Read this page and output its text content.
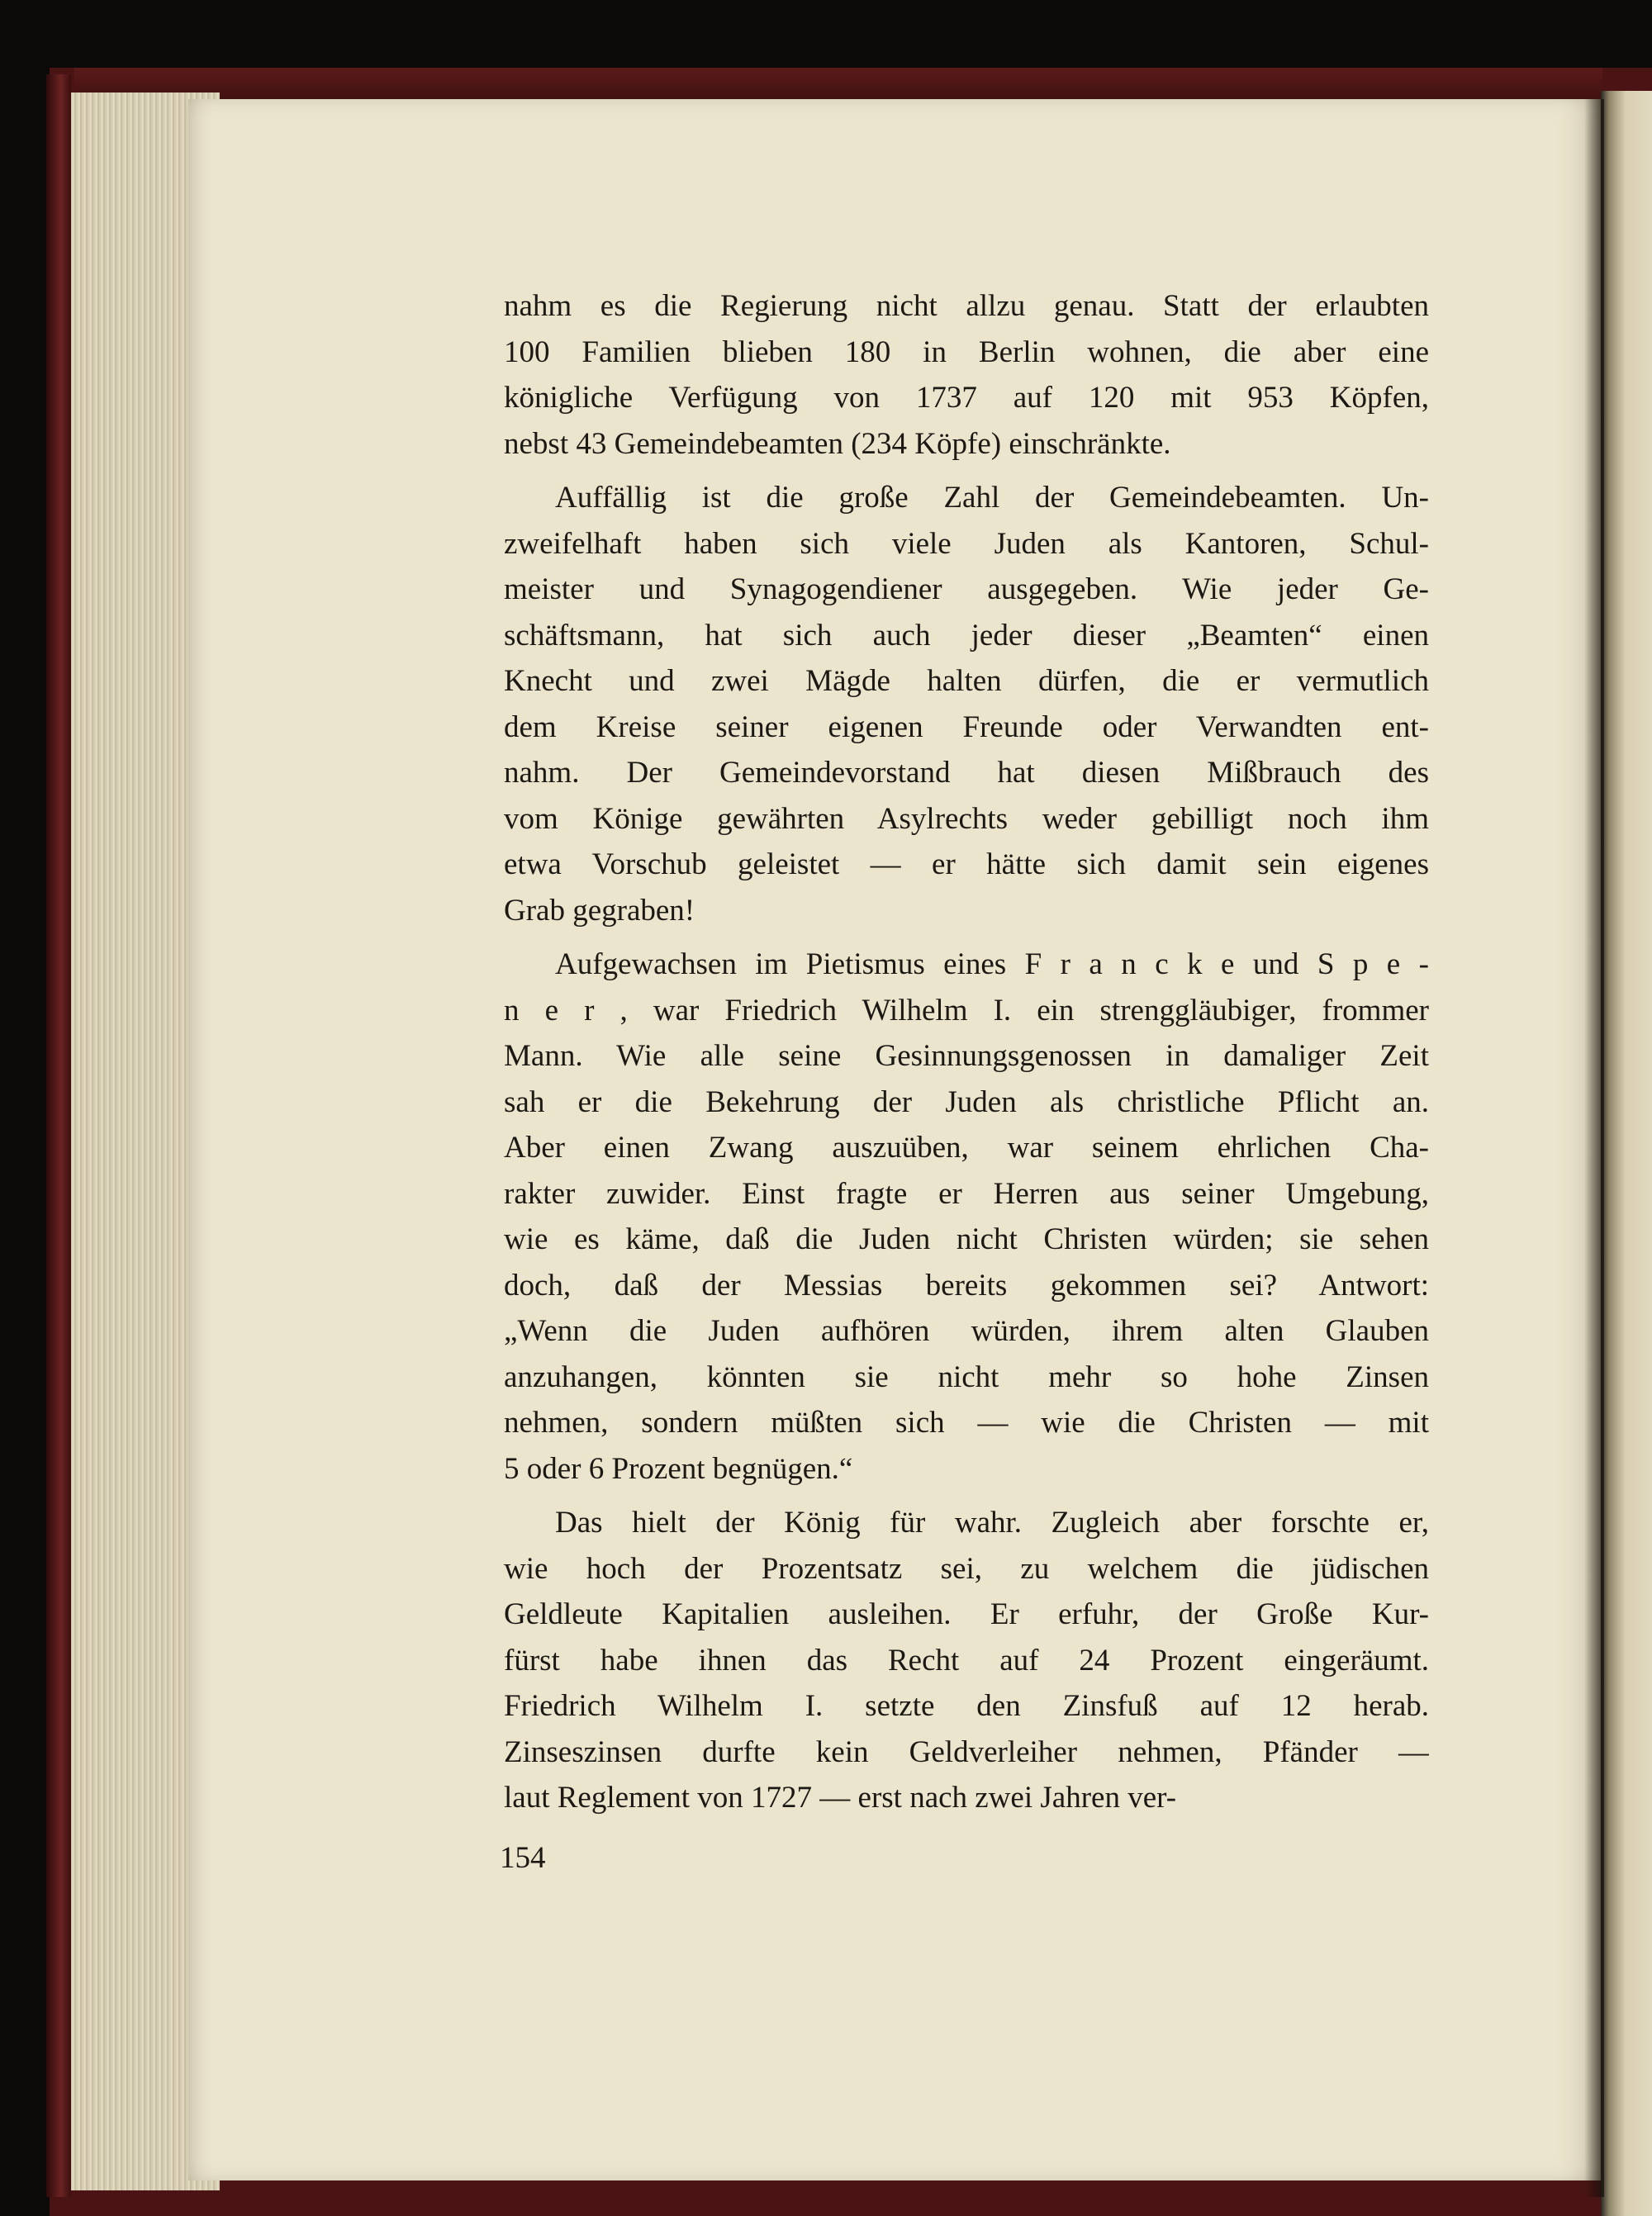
nahm es die Regierung nicht allzu genau. Statt der erlaubten
100 Familien blieben 180 in Berlin wohnen, die aber eine
königliche Verfügung von 1737 auf 120 mit 953 Köpfen,
nebst 43 Gemeindebeamten (234 Köpfe) einschränkte.
Auffällig ist die große Zahl der Gemeindebeamten. Un-
zweifelhaft haben sich viele Juden als Kantoren, Schul-
meister und Synagogendiener ausgegeben. Wie jeder Ge-
schäftsmann, hat sich auch jeder dieser „Beamten“ einen
Knecht und zwei Mägde halten dürfen, die er vermutlich
dem Kreise seiner eigenen Freunde oder Verwandten ent-
nahm. Der Gemeindevorstand hat diesen Mißbrauch des
vom Könige gewährten Asylrechts weder gebilligt noch ihm
etwa Vorschub geleistet — er hätte sich damit sein eigenes
Grab gegraben!
Aufgewachsen im Pietismus eines F r a n c k e und S p e -
n e r , war Friedrich Wilhelm I. ein strenggläubiger, frommer
Mann. Wie alle seine Gesinnungsgenossen in damaliger Zeit
sah er die Bekehrung der Juden als christliche Pflicht an.
Aber einen Zwang auszuüben, war seinem ehrlichen Cha-
rakter zuwider. Einst fragte er Herren aus seiner Umgebung,
wie es käme, daß die Juden nicht Christen würden; sie sehen
doch, daß der Messias bereits gekommen sei? Antwort:
„Wenn die Juden aufhören würden, ihrem alten Glauben
anzuhangen, könnten sie nicht mehr so hohe Zinsen
nehmen, sondern müßten sich — wie die Christen — mit
5 oder 6 Prozent begnügen.“
Das hielt der König für wahr. Zugleich aber forschte er,
wie hoch der Prozentsatz sei, zu welchem die jüdischen
Geldleute Kapitalien ausleihen. Er erfuhr, der Große Kur-
fürst habe ihnen das Recht auf 24 Prozent eingeräumt.
Friedrich Wilhelm I. setzte den Zinsfuß auf 12 herab.
Zinseszinsen durfte kein Geldverleiher nehmen, Pfänder —
laut Reglement von 1727 — erst nach zwei Jahren ver-
154
